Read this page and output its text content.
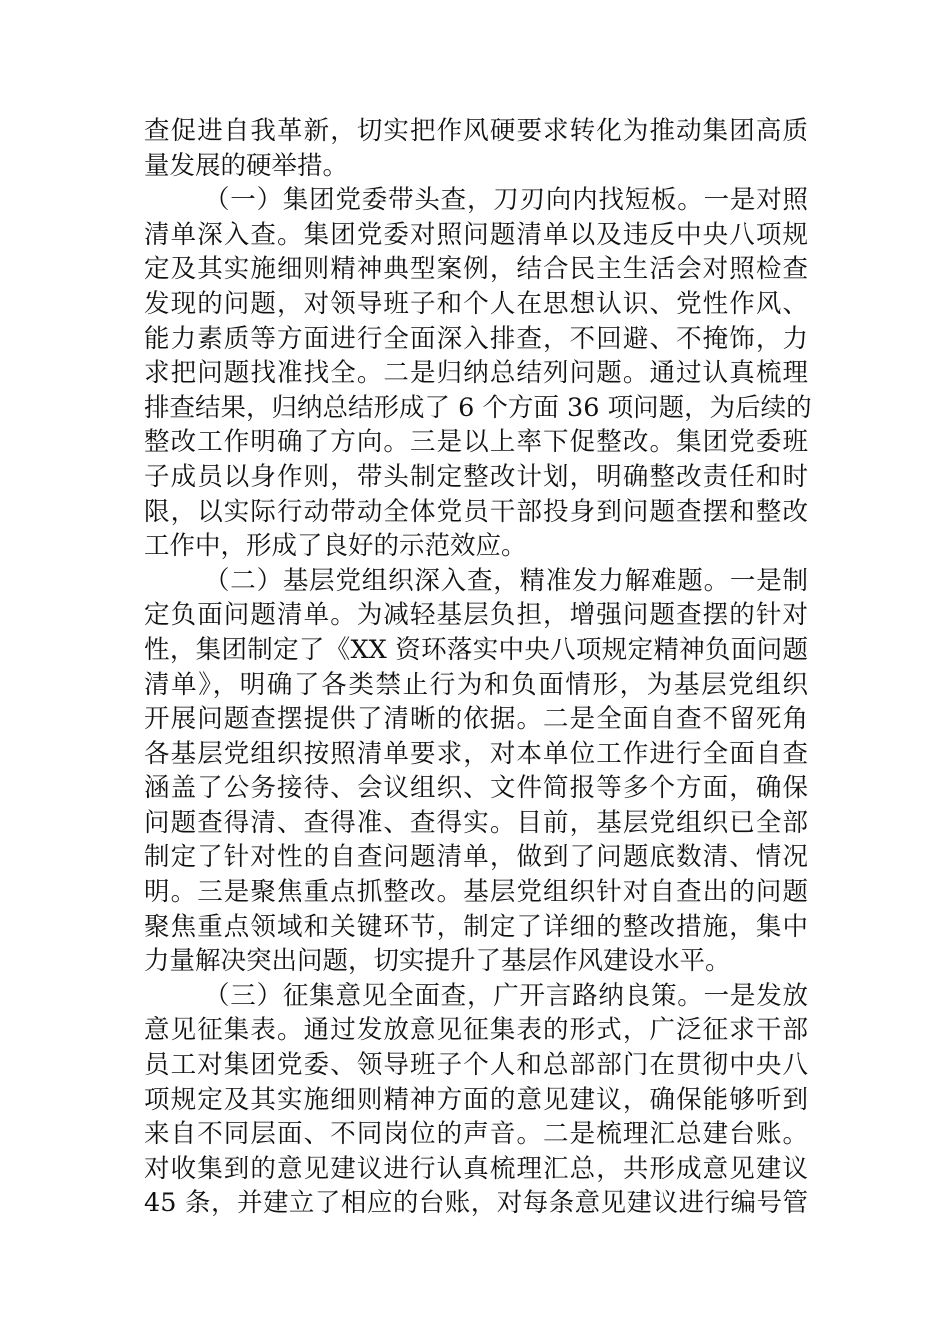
查促进自我革新，切实把作风硬要求转化为推动集团高质
量发展的硬举措。
（一）集团党委带头查，刀刃向内找短板。一是对照
清单深入查。集团党委对照问题清单以及违反中央八项规
定及其实施细则精神典型案例，结合民主生活会对照检查
发现的问题，对领导班子和个人在思想认识、党性作风、
能力素质等方面进行全面深入排查，不回避、不掩饰，力
求把问题找准找全。二是归纳总结列问题。通过认真梳理
排查结果，归纳总结形成了 6 个方面 36 项问题，为后续的
整改工作明确了方向。三是以上率下促整改。集团党委班
子成员以身作则，带头制定整改计划，明确整改责任和时
限，以实际行动带动全体党员干部投身到问题查摆和整改
工作中，形成了良好的示范效应。
（二）基层党组织深入查，精准发力解难题。一是制
定负面问题清单。为减轻基层负担，增强问题查摆的针对
性，集团制定了《XX 资环落实中央八项规定精神负面问题
清单》，明确了各类禁止行为和负面情形，为基层党组织
开展问题查摆提供了清晰的依据。二是全面自查不留死角
各基层党组织按照清单要求，对本单位工作进行全面自查
涵盖了公务接待、会议组织、文件简报等多个方面，确保
问题查得清、查得准、查得实。目前，基层党组织已全部
制定了针对性的自查问题清单，做到了问题底数清、情况
明。三是聚焦重点抓整改。基层党组织针对自查出的问题
聚焦重点领域和关键环节，制定了详细的整改措施，集中
力量解决突出问题，切实提升了基层作风建设水平。
（三）征集意见全面查，广开言路纳良策。一是发放
意见征集表。通过发放意见征集表的形式，广泛征求干部
员工对集团党委、领导班子个人和总部部门在贯彻中央八
项规定及其实施细则精神方面的意见建议，确保能够听到
来自不同层面、不同岗位的声音。二是梳理汇总建台账。
对收集到的意见建议进行认真梳理汇总，共形成意见建议
45 条，并建立了相应的台账，对每条意见建议进行编号管
